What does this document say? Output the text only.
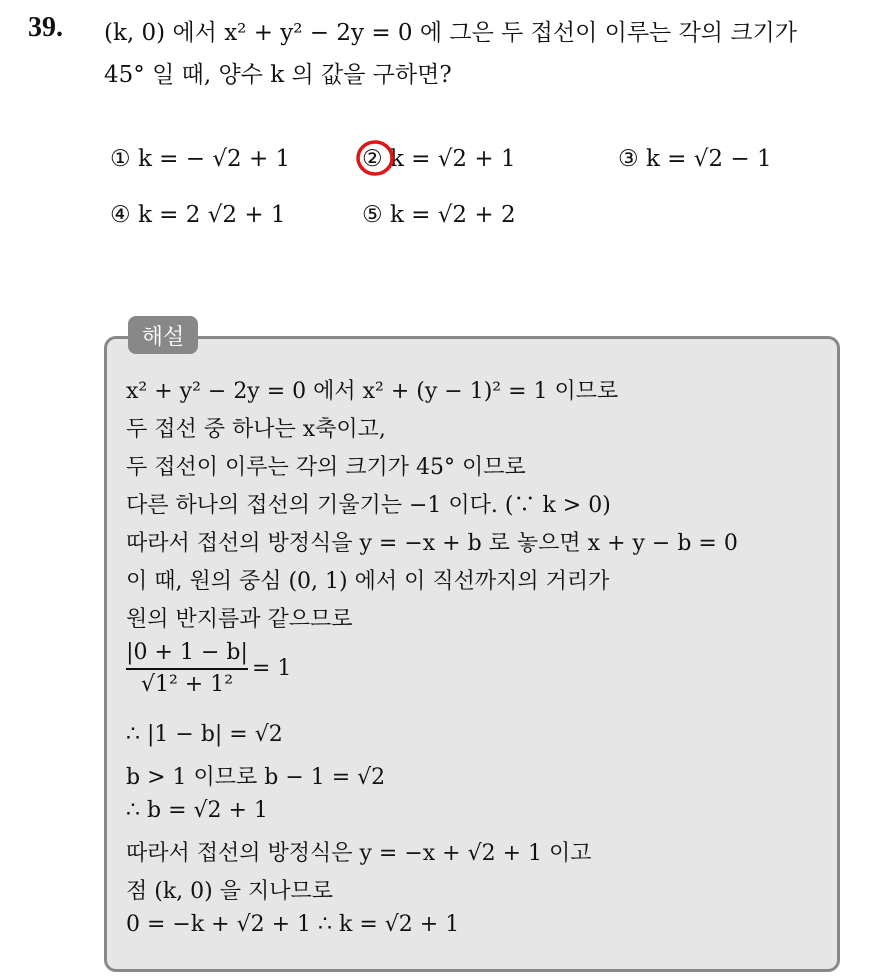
39. (k, 0) 에서 x² + y² − 2y = 0 에 그은 두 접선이 이루는 각의 크기가
45° 일 때, 양수 k 의 값을 구하면?
① k = − √2 + 1	② k = √2 + 1	③ k = √2 − 1
④ k = 2 √2 + 1	⑤ k = √2 + 2
해설
x² + y² − 2y = 0 에서 x² + (y − 1)² = 1 이므로
두 접선 중 하나는 x축이고,
두 접선이 이루는 각의 크기가 45° 이므로
다른 하나의 접선의 기울기는 −1 이다. (∵ k > 0)
따라서 접선의 방정식을 y = −x + b 로 놓으면 x + y − b = 0
이 때, 원의 중심 (0, 1) 에서 이 직선까지의 거리가
원의 반지름과 같으므로
|0 + 1 − b|
√1² + 1²
= 1
∴ |1 − b| = √2
b > 1 이므로 b − 1 = √2
∴ b = √2 + 1
따라서 접선의 방정식은 y = −x + √2 + 1 이고
점 (k, 0) 을 지나므로
0 = −k + √2 + 1 ∴ k = √2 + 1
